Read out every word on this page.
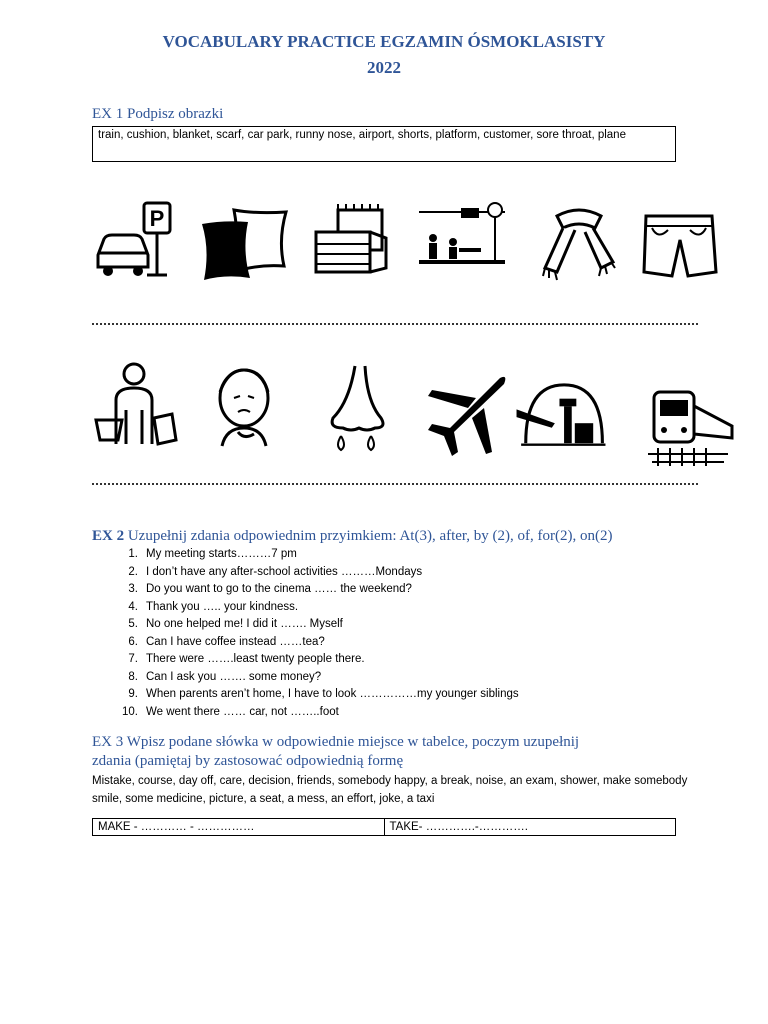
VOCABULARY PRACTICE EGZAMIN ÓSMOKLASISTY
2022
EX 1 Podpisz obrazki
train, cushion, blanket, scarf, car park, runny nose, airport, shorts, platform, customer, sore throat, plane
P
EX 2 Uzupełnij zdania odpowiednim przyimkiem: At(3), after, by (2), of, for(2), on(2)
1. My meeting starts………7 pm
2. I don’t have any after-school activities ………Mondays
3. Do you want to go to the cinema …… the weekend?
4. Thank you ….. your kindness.
5. No one helped me! I did it ……. Myself
6. Can I have coffee instead ……tea?
7. There were …….least twenty people there.
8. Can I ask you ……. some money?
9. When parents aren’t home, I have to look ……………my younger siblings
10. We went there …… car, not ……..foot
EX 3 Wpisz podane słówka w odpowiednie miejsce w tabelce, poczym uzupełnij
zdania (pamiętaj by zastosować odpowiednią formę
Mistake, course, day off, care, decision, friends, somebody happy, a break, noise, an exam, shower, make somebody
smile, some medicine, picture, a seat, a mess, an effort, joke, a taxi
MAKE - ………… - ……………	TAKE- ………….-………….
